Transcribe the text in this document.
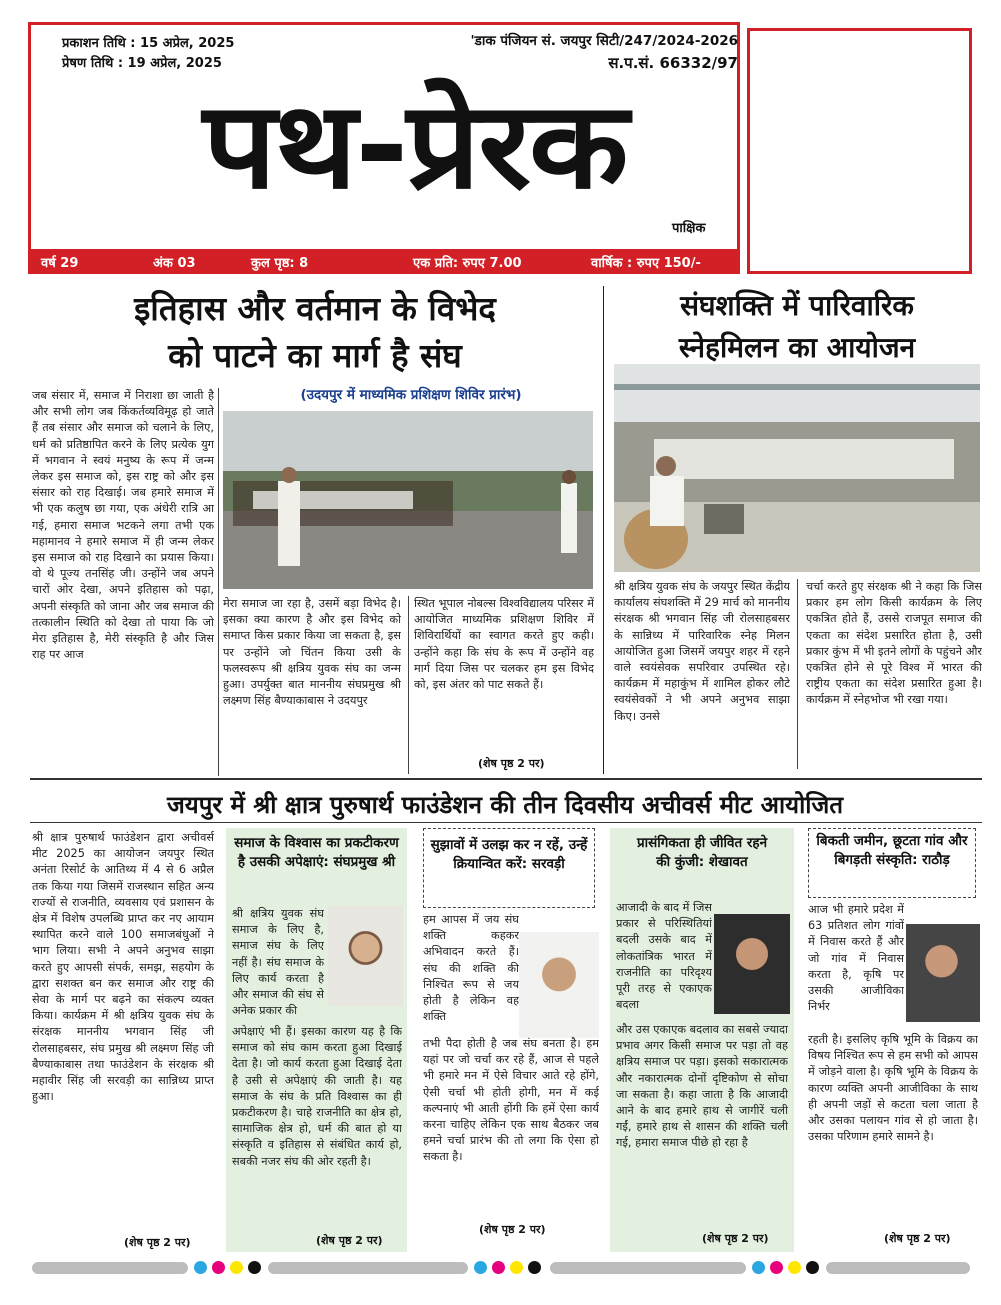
प्रकाशन तिथि : 15 अप्रेल, 2025
प्रेषण तिथि : 19 अप्रेल, 2025
'डाक पंजियन सं. जयपुर सिटी/247/2024-2026
स.प.सं. 66332/97
पथ-प्रेरक
पाक्षिक
वर्ष 29	अंक 03	कुल पृष्ठ: 8	एक प्रति: रुपए 7.00	वार्षिक : रुपए 150/-
इतिहास और वर्तमान के विभेद
को पाटने का मार्ग है संघ
जब संसार में, समाज में निराशा छा जाती है और सभी लोग जब किंकर्तव्यविमूढ़ हो जाते हैं तब संसार और समाज को चलाने के लिए, धर्म को प्रतिष्ठापित करने के लिए प्रत्येक युग में भगवान ने स्वयं मनुष्य के रूप में जन्म लेकर इस समाज को, इस राष्ट्र को और इस संसार को राह दिखाई। जब हमारे समाज में भी एक कलुष छा गया, एक अंधेरी रात्रि आ गई, हमारा समाज भटकने लगा तभी एक महामानव ने हमारे समाज में ही जन्म लेकर इस समाज को राह दिखाने का प्रयास किया। वो थे पूज्य तनसिंह जी। उन्होंने जब अपने चारों ओर देखा, अपने इतिहास को पढ़ा, अपनी संस्कृति को जाना और जब समाज की तत्कालीन स्थिति को देखा तो पाया कि जो मेरा इतिहास है, मेरी संस्कृति है और जिस राह पर आज
(उदयपुर में माध्यमिक प्रशिक्षण शिविर प्रारंभ)
मेरा समाज जा रहा है, उसमें बड़ा विभेद है। इसका क्या कारण है और इस विभेद को समाप्त किस प्रकार किया जा सकता है, इस पर उन्होंने जो चिंतन किया उसी के फलस्वरूप श्री क्षत्रिय युवक संघ का जन्म हुआ। उपर्युक्त बात माननीय संघप्रमुख श्री लक्ष्मण सिंह बैण्याकाबास ने उदयपुर
स्थित भूपाल नोबल्स विश्वविद्यालय परिसर में आयोजित माध्यमिक प्रशिक्षण शिविर में शिविरार्थियों का स्वागत करते हुए कही। उन्होंने कहा कि संघ के रूप में उन्होंने वह मार्ग दिया जिस पर चलकर हम इस विभेद को, इस अंतर को पाट सकते हैं।
(शेष पृष्ठ 2 पर)
संघशक्ति में पारिवारिक
स्नेहमिलन का आयोजन
श्री क्षत्रिय युवक संघ के जयपुर स्थित केंद्रीय कार्यालय संघशक्ति में 29 मार्च को माननीय संरक्षक श्री भगवान सिंह जी रोलसाहबसर के सान्निध्य में पारिवारिक स्नेह मिलन आयोजित हुआ जिसमें जयपुर शहर में रहने वाले स्वयंसेवक सपरिवार उपस्थित रहे। कार्यक्रम में महाकुंभ में शामिल होकर लौटे स्वयंसेवकों ने भी अपने अनुभव साझा किए। उनसे
चर्चा करते हुए संरक्षक श्री ने कहा कि जिस प्रकार हम लोग किसी कार्यक्रम के लिए एकत्रित होते हैं, उससे राजपूत समाज की एकता का संदेश प्रसारित होता है, उसी प्रकार कुंभ में भी इतने लोगों के पहुंचने और एकत्रित होने से पूरे विश्व में भारत की राष्ट्रीय एकता का संदेश प्रसारित हुआ है। कार्यक्रम में स्नेहभोज भी रखा गया।
जयपुर में श्री क्षात्र पुरुषार्थ फाउंडेशन की तीन दिवसीय अचीवर्स मीट आयोजित
श्री क्षात्र पुरुषार्थ फाउंडेशन द्वारा अचीवर्स मीट 2025 का आयोजन जयपुर स्थित अनंता रिसोर्ट के आतिथ्य में 4 से 6 अप्रैल तक किया गया जिसमें राजस्थान सहित अन्य राज्यों से राजनीति, व्यवसाय एवं प्रशासन के क्षेत्र में विशेष उपलब्धि प्राप्त कर नए आयाम स्थापित करने वाले 100 समाजबंधुओं ने भाग लिया। सभी ने अपने अनुभव साझा करते हुए आपसी संपर्क, समझ, सहयोग के द्वारा सशक्त बन कर समाज और राष्ट्र की सेवा के मार्ग पर बढ़ने का संकल्प व्यक्त किया। कार्यक्रम में श्री क्षत्रिय युवक संघ के संरक्षक माननीय भगवान सिंह जी रोलसाहबसर, संघ प्रमुख श्री लक्ष्मण सिंह जी बैण्याकाबास तथा फाउंडेशन के संरक्षक श्री महावीर सिंह जी सरवड़ी का सान्निध्य प्राप्त हुआ।
(शेष पृष्ठ 2 पर)
समाज के विश्वास का प्रकटीकरण है उसकी अपेक्षाएं: संघप्रमुख श्री
श्री क्षत्रिय युवक संघ समाज के लिए है, समाज संघ के लिए नहीं है। संघ समाज के लिए कार्य करता है और समाज की संघ से अनेक प्रकार की
अपेक्षाएं भी हैं। इसका कारण यह है कि समाज को संघ काम करता हुआ दिखाई देता है। जो कार्य करता हुआ दिखाई देता है उसी से अपेक्षाएं की जाती है। यह समाज के संघ के प्रति विश्वास का ही प्रकटीकरण है। चाहे राजनीति का क्षेत्र हो, सामाजिक क्षेत्र हो, धर्म की बात हो या संस्कृति व इतिहास से संबंधित कार्य हो, सबकी नजर संघ की ओर रहती है।
(शेष पृष्ठ 2 पर)
सुझावों में उलझ कर न रहें, उन्हें क्रियान्वित करें: सरवड़ी
हम आपस में जय संघ शक्ति कहकर अभिवादन करते हैं। संघ की शक्ति की निश्चित रूप से जय होती है लेकिन वह शक्ति
तभी पैदा होती है जब संघ बनता है। हम यहां पर जो चर्चा कर रहे हैं, आज से पहले भी हमारे मन में ऐसे विचार आते रहे होंगे, ऐसी चर्चा भी होती होगी, मन में कई कल्पनाएं भी आती होंगी कि हमें ऐसा कार्य करना चाहिए लेकिन एक साथ बैठकर जब हमने चर्चा प्रारंभ की तो लगा कि ऐसा हो सकता है।
(शेष पृष्ठ 2 पर)
प्रासंगिकता ही जीवित रहने की कुंजी: शेखावत
आजादी के बाद में जिस प्रकार से परिस्थितियां बदली उसके बाद में लोकतांत्रिक भारत में राजनीति का परिदृश्य पूरी तरह से एकाएक बदला
और उस एकाएक बदलाव का सबसे ज्यादा प्रभाव अगर किसी समाज पर पड़ा तो वह क्षत्रिय समाज पर पड़ा। इसको सकारात्मक और नकारात्मक दोनों दृष्टिकोण से सोचा जा सकता है। कहा जाता है कि आजादी आने के बाद हमारे हाथ से जागीरें चली गईं, हमारे हाथ से शासन की शक्ति चली गई, हमारा समाज पीछे हो रहा है
(शेष पृष्ठ 2 पर)
बिकती जमीन, छूटता गांव और बिगड़ती संस्कृति: राठौड़
आज भी हमारे प्रदेश में 63 प्रतिशत लोग गांवों में निवास करते हैं और जो गांव में निवास करता है, कृषि पर उसकी आजीविका निर्भर
रहती है। इसलिए कृषि भूमि के विक्रय का विषय निश्चित रूप से हम सभी को आपस में जोड़ने वाला है। कृषि भूमि के विक्रय के कारण व्यक्ति अपनी आजीविका के साथ ही अपनी जड़ों से कटता चला जाता है और उसका पलायन गांव से हो जाता है। उसका परिणाम हमारे सामने है।
(शेष पृष्ठ 2 पर)
